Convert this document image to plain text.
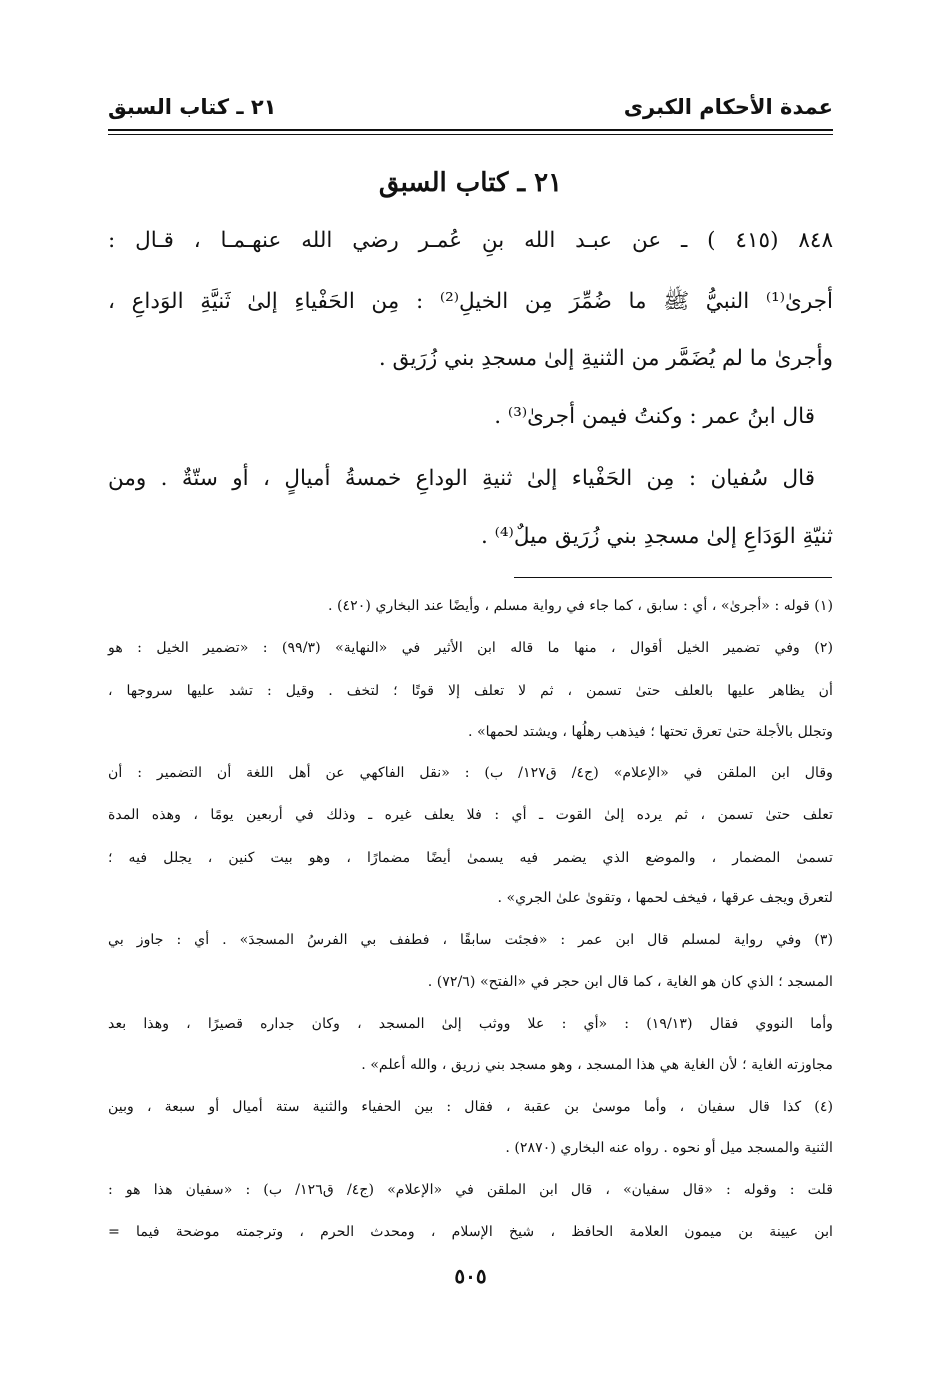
عمدة الأحكام الكبرى
٢١ ـ كتاب السبق
٢١ ـ كتاب السبق
٨٤٨ (٤١٥ ) ـ عن عبـد الله بنِ عُمـر رضي الله عنهـمـا ، قـال :
أجرىٰ⁽¹⁾ النبيُّ ﷺ ما ضُمِّرَ مِن الخيلِ⁽²⁾ : مِن الحَفْياءِ إلىٰ ثَنيَّةِ الوَداعِ ،
وأجرىٰ ما لم يُضَمَّر من الثنيةِ إلىٰ مسجدِ بني زُرَيق .
قال ابنُ عمر : وكنتُ فيمن أجرىٰ⁽³⁾ .
قال سُفيان : مِن الحَفْياء إلىٰ ثنيةِ الوداعِ خمسةُ أميالٍ ، أو ستّةٌ . ومن
ثنيّةِ الوَدَاعِ إلىٰ مسجدِ بني زُرَيق ميلٌ⁽⁴⁾ .
(١) قوله : «أجرىٰ» ، أي : سابق ، كما جاء في رواية مسلم ، وأيضًا عند البخاري (٤٢٠) .
(٢) وفي تضمير الخيل أقوال ، منها ما قاله ابن الأثير في «النهاية» (٩٩/٣) : «تضمير الخيل : هو
أن يظاهر عليها بالعلف حتىٰ تسمن ، ثم لا تعلف إلا قوتًا ؛ لتخف . وقيل : تشد عليها سروجها ،
وتجلل بالأجلة حتىٰ تعرق تحتها ؛ فيذهب رهلُها ، ويشتد لحمها» .
وقال ابن الملقن في «الإعلام» (ج٤/ ق١٢٧/ ب) : «نقل الفاكهي عن أهل اللغة أن التضمير : أن
تعلف حتىٰ تسمن ، ثم يرده إلىٰ القوت ـ أي : فلا يعلف غيره ـ وذلك في أربعين يومًا ، وهذه المدة
تسمىٰ المضمار ، والموضع الذي يضمر فيه يسمىٰ أيضًا مضمارًا ، وهو بيت كنين ، يجلل فيه ؛
لتعرق ويجف عرقها ، فيخف لحمها ، وتقوىٰ علىٰ الجري» .
(٣) وفي رواية لمسلم قال ابن عمر : «فجئت سابقًا ، فطفف بي الفرسُ المسجدَ» . أي : جاوز بي
المسجد ؛ الذي كان هو الغاية ، كما قال ابن حجر في «الفتح» (٧٢/٦) .
وأما النووي فقال (١٩/١٣) : «أي : علا ووثب إلىٰ المسجد ، وكان جداره قصيرًا ، وهذا بعد
مجاوزته الغاية ؛ لأن الغاية هي هذا المسجد ، وهو مسجد بني زريق ، والله أعلم» .
(٤) كذا قال سفيان ، وأما موسىٰ بن عقبة ، فقال : بين الحفياء والثنية ستة أميال أو سبعة ، وبين
الثنية والمسجد ميل أو نحوه . رواه عنه البخاري (٢٨٧٠) .
قلت : وقوله : «قال سفيان» ، قال ابن الملقن في «الإعلام» (ج٤/ ق١٢٦/ ب) : «سفيان هذا هو :
ابن عيينة بن ميمون العلامة الحافظ ، شيخ الإسلام ، ومحدث الحرم ، وترجمته موضحة فيما =
٥٠٥
